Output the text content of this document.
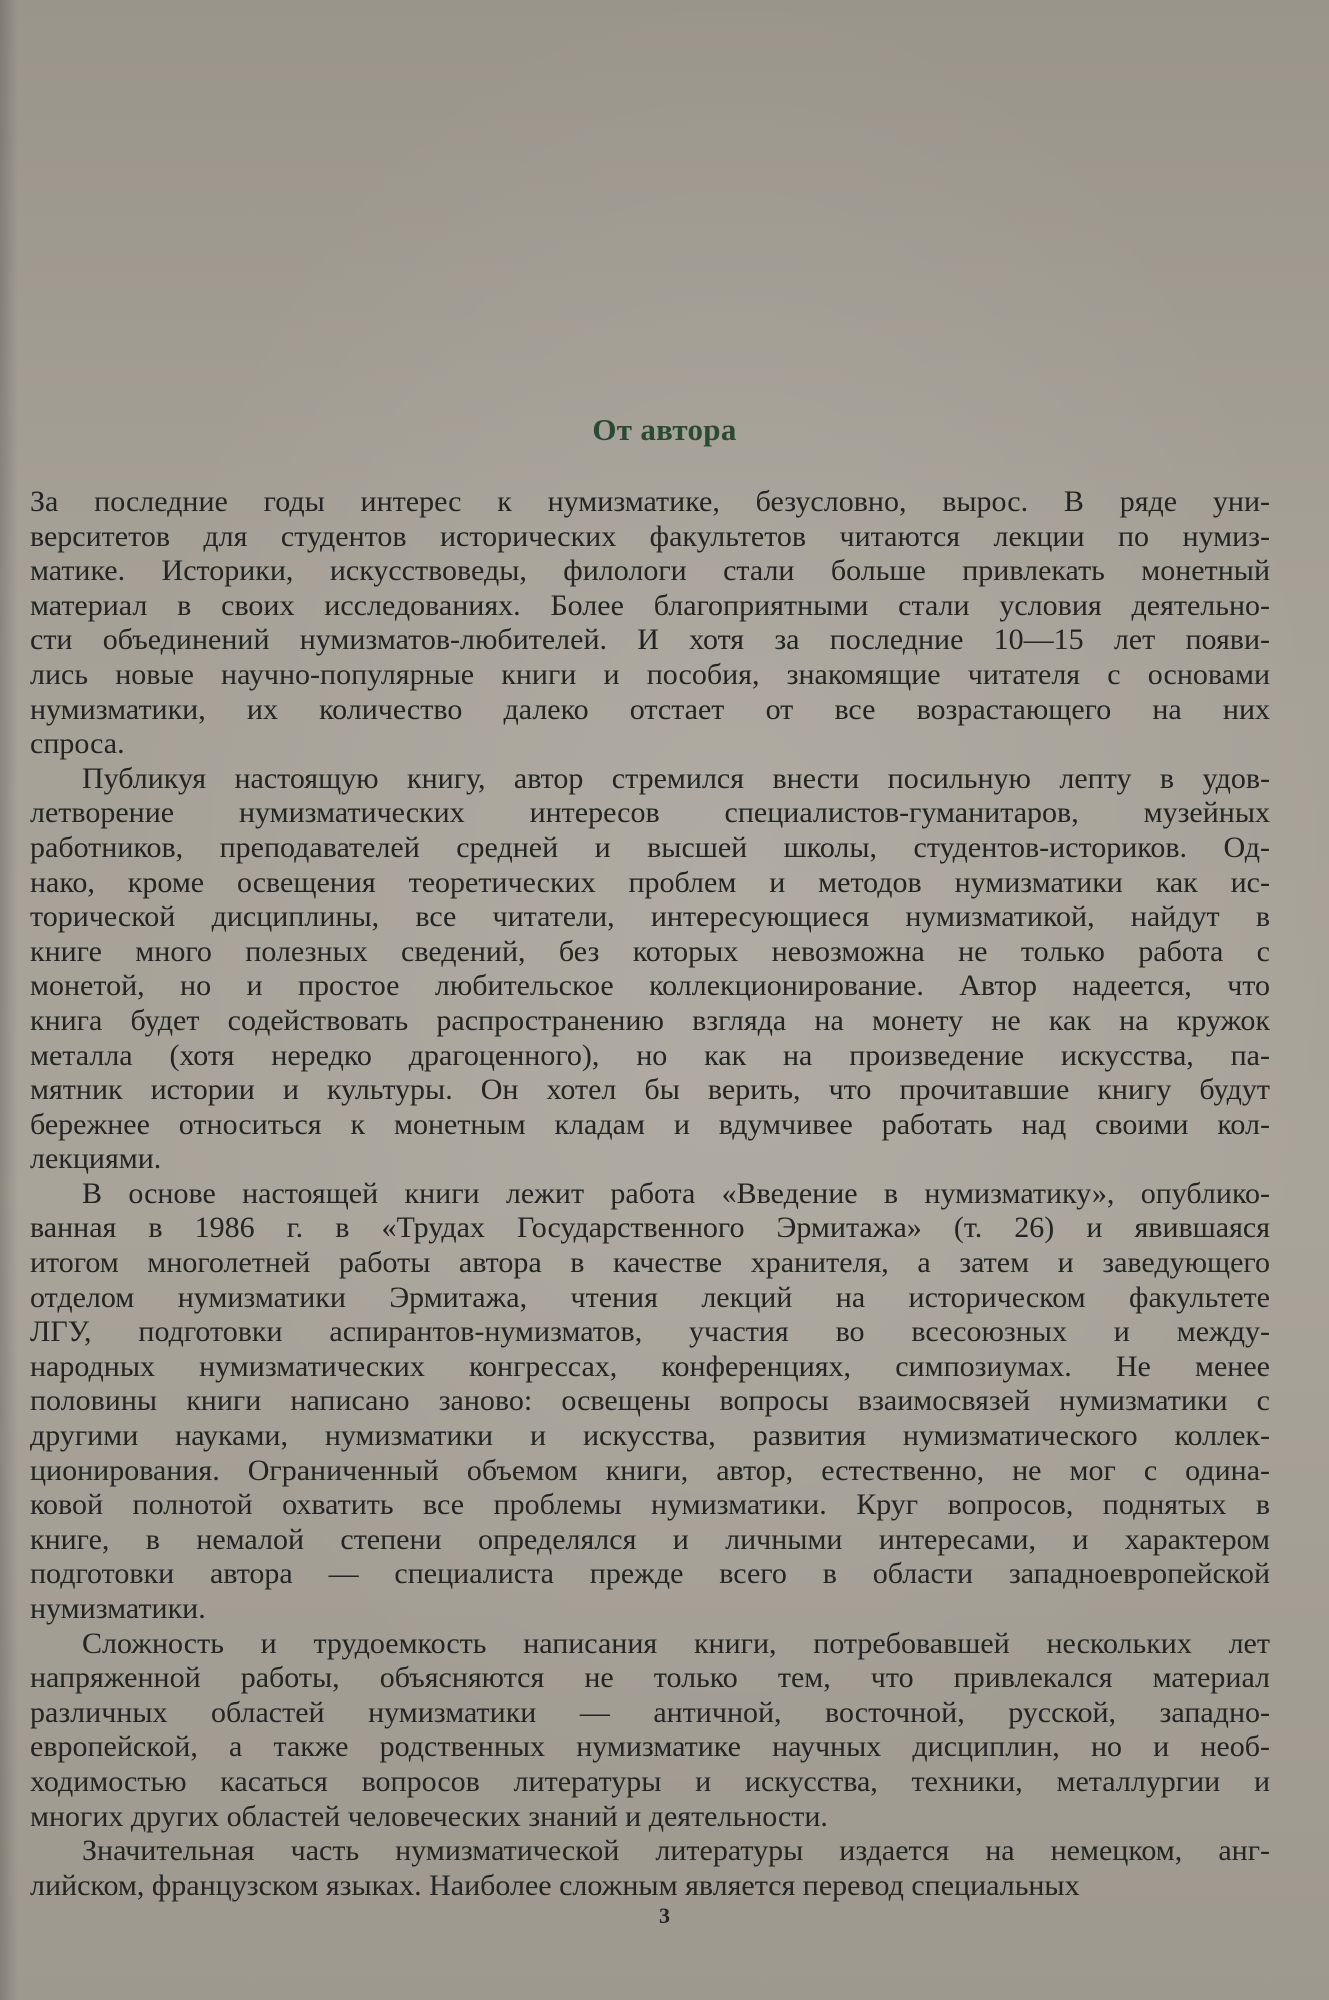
От автора
За последние годы интерес к нумизматике, безусловно, вырос. В ряде уни-
верситетов для студентов исторических факультетов читаются лекции по нумиз-
матике. Историки, искусствоведы, филологи стали больше привлекать монетный
материал в своих исследованиях. Более благоприятными стали условия деятельно-
сти объединений нумизматов-любителей. И хотя за последние 10—15 лет появи-
лись новые научно-популярные книги и пособия, знакомящие читателя с основами
нумизматики, их количество далеко отстает от все возрастающего на них
спроса.
Публикуя настоящую книгу, автор стремился внести посильную лепту в удов-
летворение нумизматических интересов специалистов-гуманитаров, музейных
работников, преподавателей средней и высшей школы, студентов-историков. Од-
нако, кроме освещения теоретических проблем и методов нумизматики как ис-
торической дисциплины, все читатели, интересующиеся нумизматикой, найдут в
книге много полезных сведений, без которых невозможна не только работа с
монетой, но и простое любительское коллекционирование. Автор надеется, что
книга будет содействовать распространению взгляда на монету не как на кружок
металла (хотя нередко драгоценного), но как на произведение искусства, па-
мятник истории и культуры. Он хотел бы верить, что прочитавшие книгу будут
бережнее относиться к монетным кладам и вдумчивее работать над своими кол-
лекциями.
В основе настоящей книги лежит работа «Введение в нумизматику», опублико-
ванная в 1986 г. в «Трудах Государственного Эрмитажа» (т. 26) и явившаяся
итогом многолетней работы автора в качестве хранителя, а затем и заведующего
отделом нумизматики Эрмитажа, чтения лекций на историческом факультете
ЛГУ, подготовки аспирантов-нумизматов, участия во всесоюзных и между-
народных нумизматических конгрессах, конференциях, симпозиумах. Не менее
половины книги написано заново: освещены вопросы взаимосвязей нумизматики с
другими науками, нумизматики и искусства, развития нумизматического коллек-
ционирования. Ограниченный объемом книги, автор, естественно, не мог с одина-
ковой полнотой охватить все проблемы нумизматики. Круг вопросов, поднятых в
книге, в немалой степени определялся и личными интересами, и характером
подготовки автора — специалиста прежде всего в области западноевропейской
нумизматики.
Сложность и трудоемкость написания книги, потребовавшей нескольких лет
напряженной работы, объясняются не только тем, что привлекался материал
различных областей нумизматики — античной, восточной, русской, западно-
европейской, а также родственных нумизматике научных дисциплин, но и необ-
ходимостью касаться вопросов литературы и искусства, техники, металлургии и
многих других областей человеческих знаний и деятельности.
Значительная часть нумизматической литературы издается на немецком, анг-
лийском, французском языках. Наиболее сложным является перевод специальных
3
